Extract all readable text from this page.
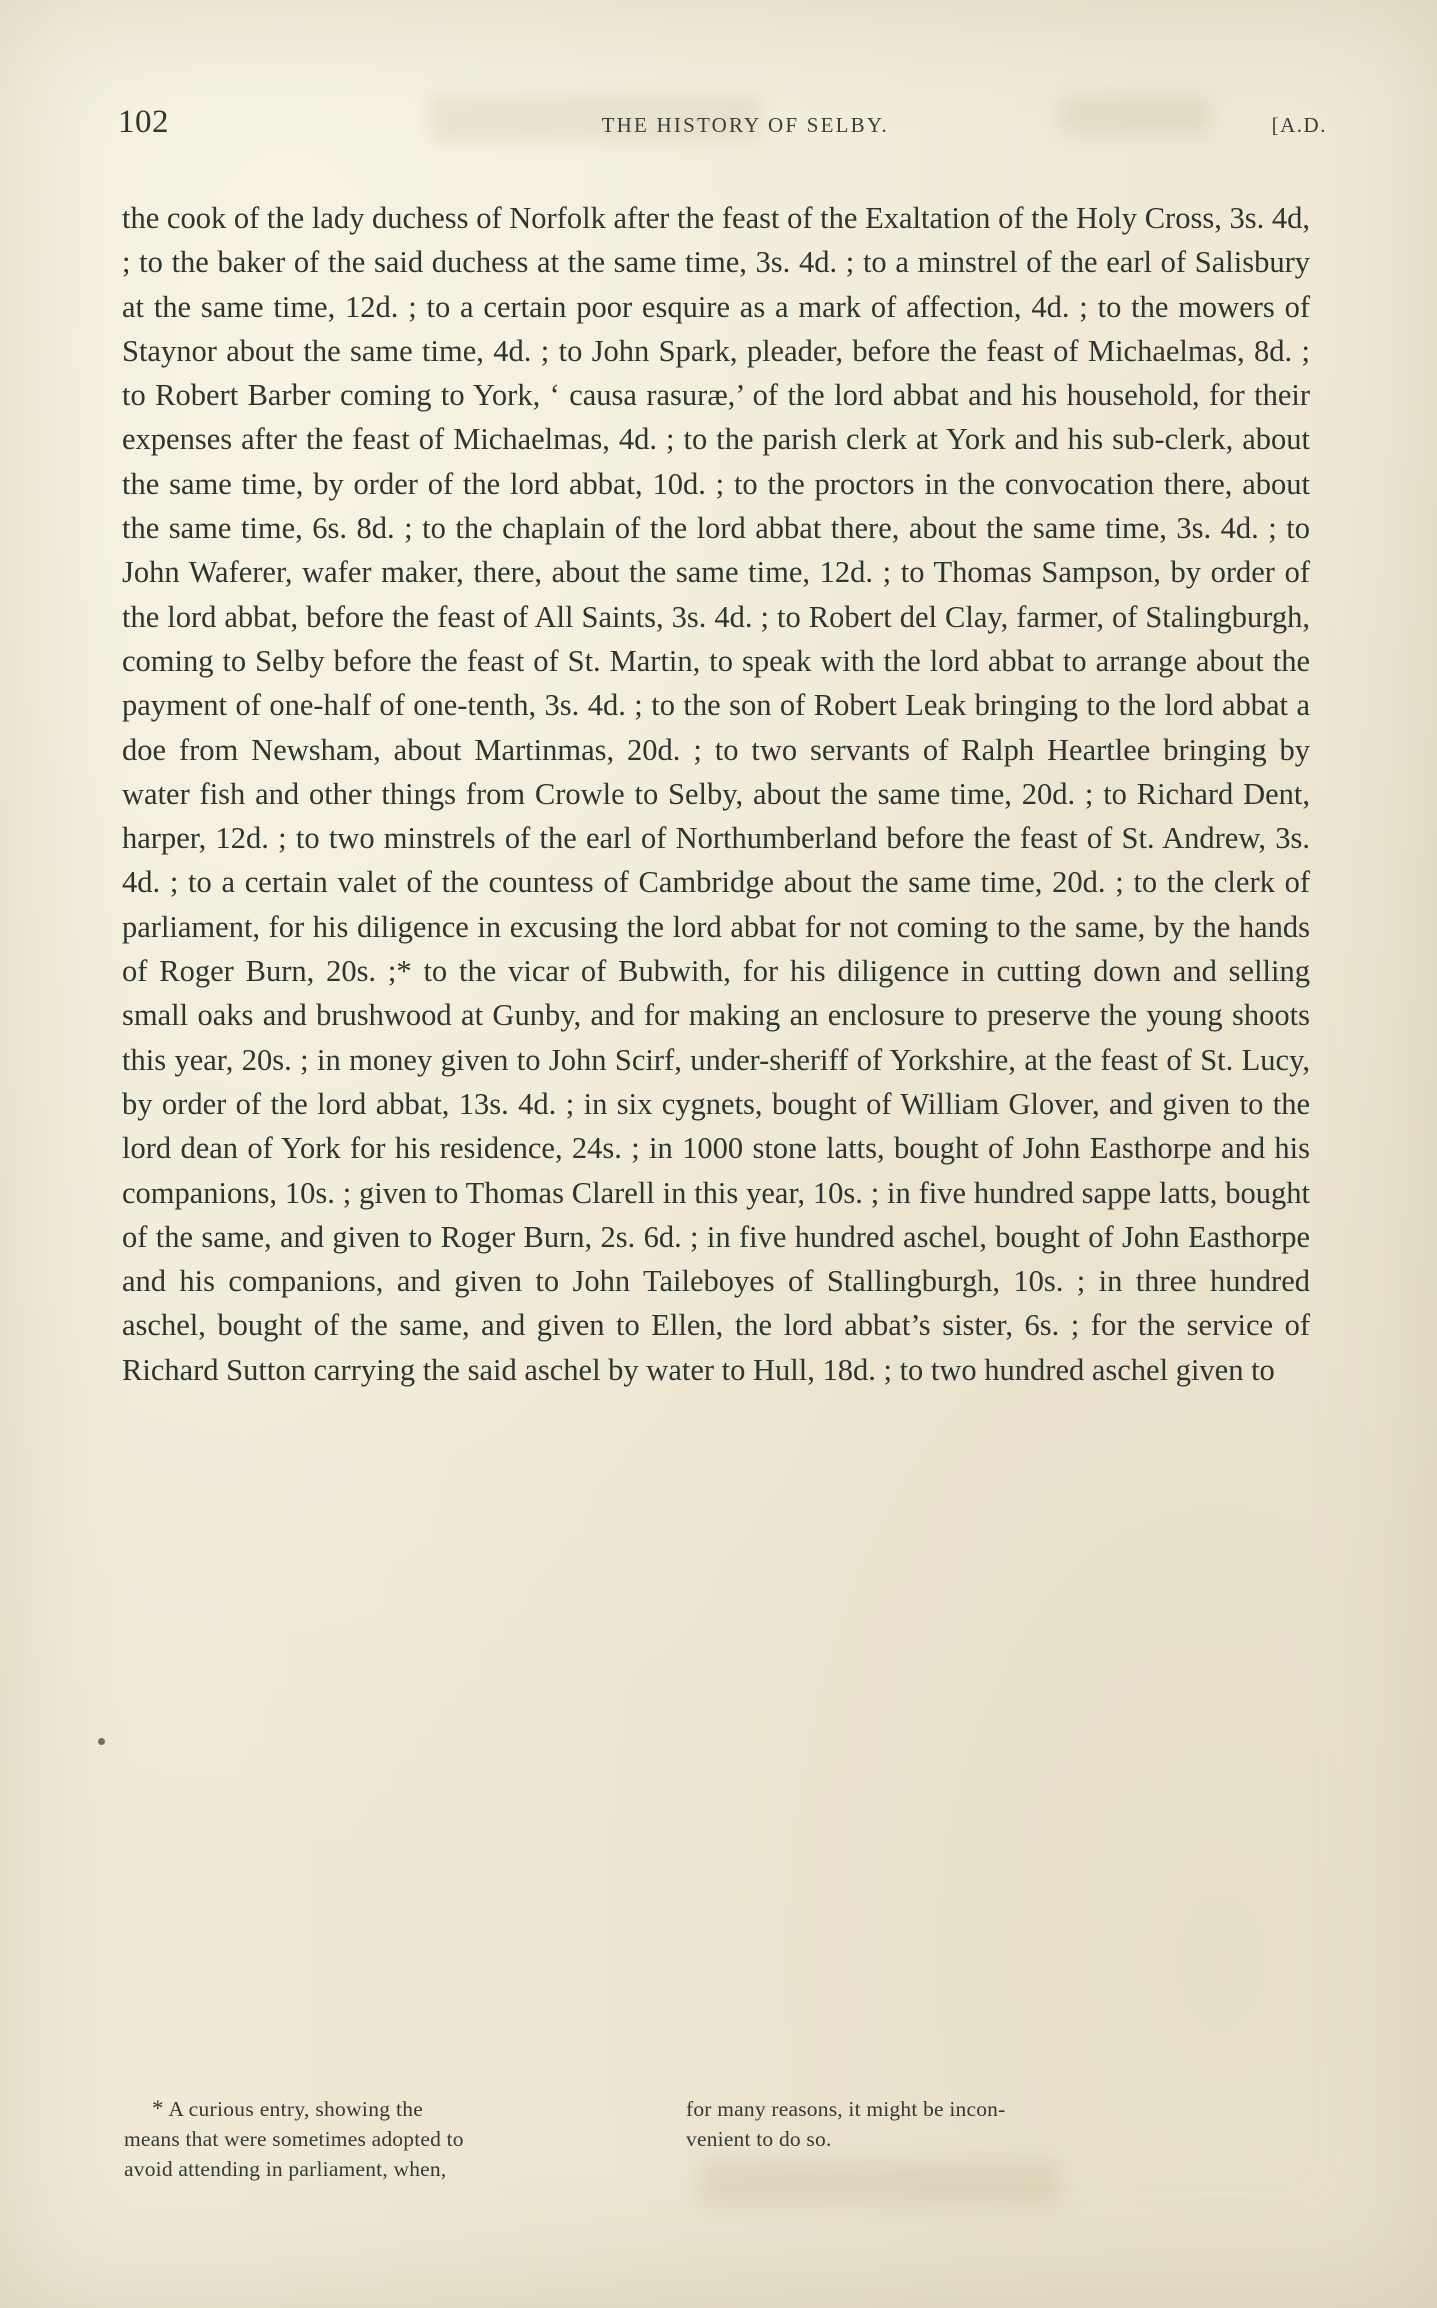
102	THE HISTORY OF SELBY.	[A.D.

the cook of the lady duchess of Norfolk after the feast of the Exaltation of the Holy Cross, 3s. 4d, ; to the baker of the said duchess at the same time, 3s. 4d. ; to a minstrel of the earl of Salisbury at the same time, 12d. ; to a certain poor esquire as a mark of affection, 4d. ; to the mowers of Staynor about the same time, 4d. ; to John Spark, pleader, before the feast of Michaelmas, 8d. ; to Robert Barber coming to York, ‘ causa rasuræ,’ of the lord abbat and his household, for their expenses after the feast of Michaelmas, 4d. ; to the parish clerk at York and his sub-clerk, about the same time, by order of the lord abbat, 10d. ; to the proctors in the convocation there, about the same time, 6s. 8d. ; to the chaplain of the lord abbat there, about the same time, 3s. 4d. ; to John Waferer, wafer maker, there, about the same time, 12d. ; to Thomas Sampson, by order of the lord abbat, before the feast of All Saints, 3s. 4d. ; to Robert del Clay, farmer, of Stalingburgh, coming to Selby before the feast of St. Martin, to speak with the lord abbat to arrange about the payment of one-half of one-tenth, 3s. 4d. ; to the son of Robert Leak bringing to the lord abbat a doe from Newsham, about Martinmas, 20d. ; to two servants of Ralph Heartlee bringing by water fish and other things from Crowle to Selby, about the same time, 20d. ; to Richard Dent, harper, 12d. ; to two minstrels of the earl of Northumberland before the feast of St. Andrew, 3s. 4d. ; to a certain valet of the countess of Cambridge about the same time, 20d. ; to the clerk of parliament, for his diligence in excusing the lord abbat for not coming to the same, by the hands of Roger Burn, 20s. ;* to the vicar of Bubwith, for his diligence in cutting down and selling small oaks and brushwood at Gunby, and for making an enclosure to preserve the young shoots this year, 20s. ; in money given to John Scirf, under-sheriff of Yorkshire, at the feast of St. Lucy, by order of the lord abbat, 13s. 4d. ; in six cygnets, bought of William Glover, and given to the lord dean of York for his residence, 24s. ; in 1000 stone latts, bought of John Easthorpe and his companions, 10s. ; given to Thomas Clarell in this year, 10s. ; in five hundred sappe latts, bought of the same, and given to Roger Burn, 2s. 6d. ; in five hundred aschel, bought of John Easthorpe and his companions, and given to John Taileboyes of Stallingburgh, 10s. ; in three hundred aschel, bought of the same, and given to Ellen, the lord abbat’s sister, 6s. ; for the service of Richard Sutton carrying the said aschel by water to Hull, 18d. ; to two hundred aschel given to

* A curious entry, showing the
means that were sometimes adopted to
avoid attending in parliament, when,
for many reasons, it might be incon-
venient to do so.
